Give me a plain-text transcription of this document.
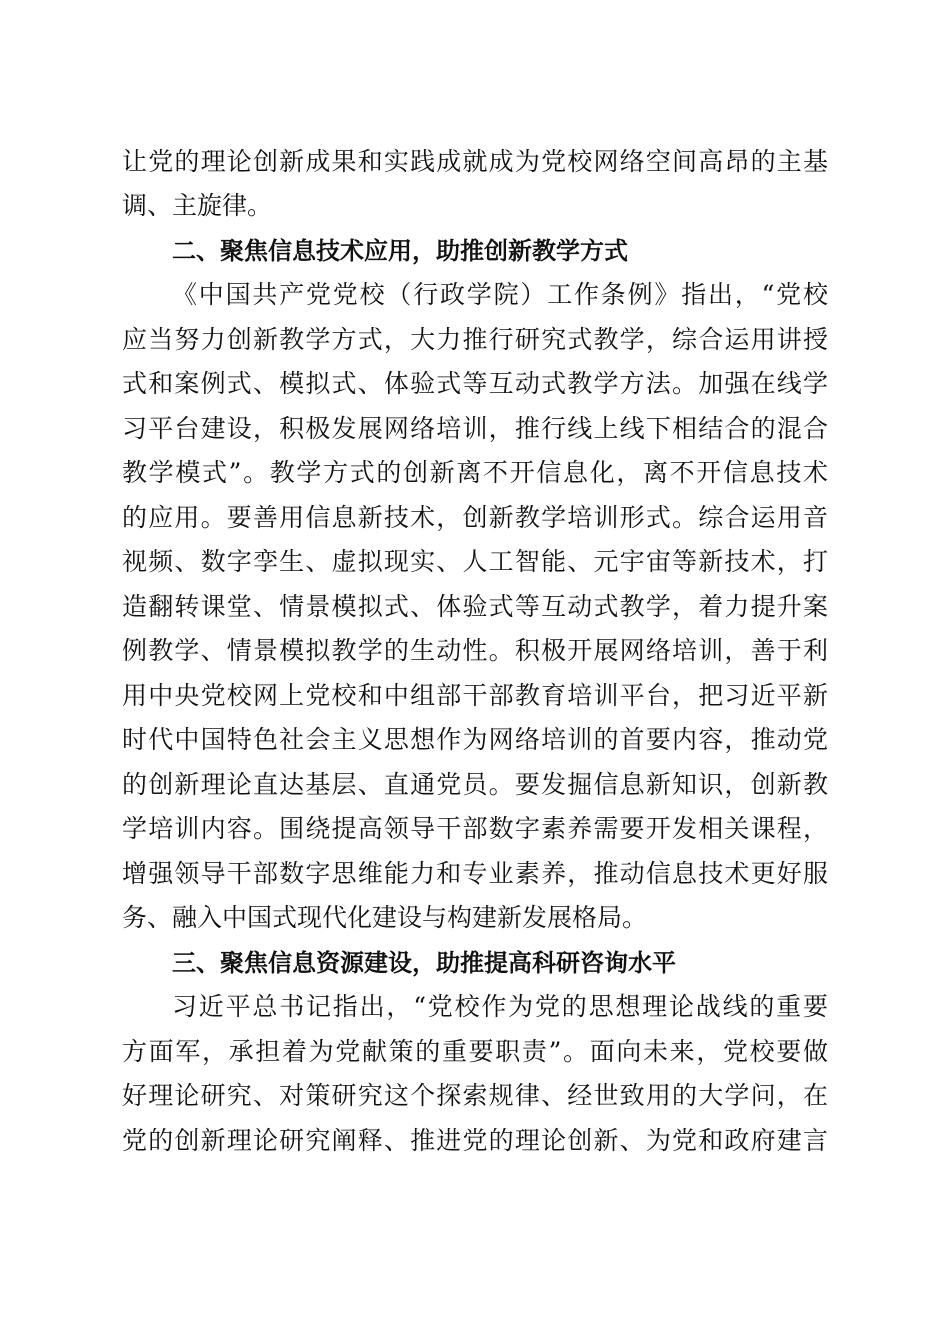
让党的理论创新成果和实践成就成为党校网络空间高昂的主基
调、主旋律。
二、聚焦信息技术应用，助推创新教学方式
《中国共产党党校（行政学院）工作条例》指出，“党校
应当努力创新教学方式，大力推行研究式教学，综合运用讲授
式和案例式、模拟式、体验式等互动式教学方法。加强在线学
习平台建设，积极发展网络培训，推行线上线下相结合的混合
教学模式”。教学方式的创新离不开信息化，离不开信息技术
的应用。要善用信息新技术，创新教学培训形式。综合运用音
视频、数字孪生、虚拟现实、人工智能、元宇宙等新技术，打
造翻转课堂、情景模拟式、体验式等互动式教学，着力提升案
例教学、情景模拟教学的生动性。积极开展网络培训，善于利
用中央党校网上党校和中组部干部教育培训平台，把习近平新
时代中国特色社会主义思想作为网络培训的首要内容，推动党
的创新理论直达基层、直通党员。要发掘信息新知识，创新教
学培训内容。围绕提高领导干部数字素养需要开发相关课程，
增强领导干部数字思维能力和专业素养，推动信息技术更好服
务、融入中国式现代化建设与构建新发展格局。
三、聚焦信息资源建设，助推提高科研咨询水平
习近平总书记指出，“党校作为党的思想理论战线的重要
方面军，承担着为党献策的重要职责”。面向未来，党校要做
好理论研究、对策研究这个探索规律、经世致用的大学问，在
党的创新理论研究阐释、推进党的理论创新、为党和政府建言
